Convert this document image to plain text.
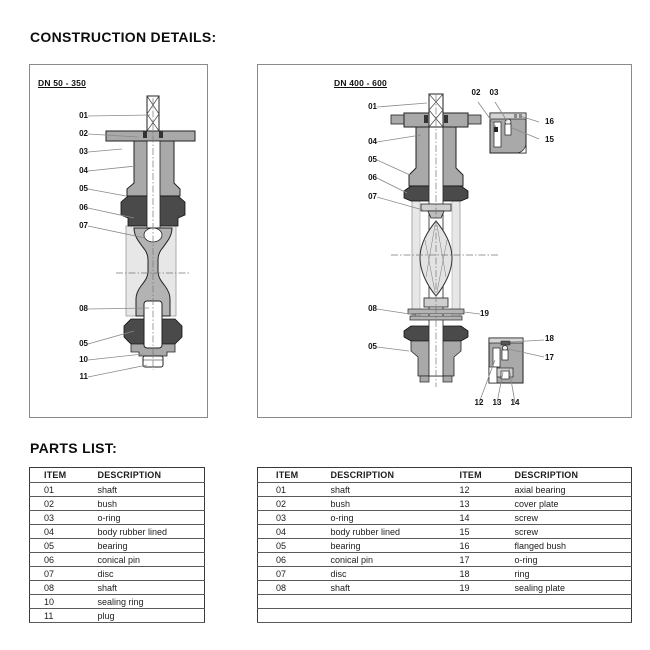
CONSTRUCTION DETAILS:
DN 50 - 350
01
02
03
04
05
06
07
08
05
10
11
DN 400 - 600
01
04
05
06
07
08
05
19
02	03
16
15
18
17
12	13	14
PARTS LIST:
ITEM	DESCRIPTION
01	shaft
02	bush
03	o-ring
04	body rubber lined
05	bearing
06	conical pin
07	disc
08	shaft
10	sealing ring
11	plug
ITEM	DESCRIPTION	ITEM	DESCRIPTION
01	shaft	12	axial bearing
02	bush	13	cover plate
03	o-ring	14	screw
04	body rubber lined	15	screw
05	bearing	16	flanged bush
06	conical pin	17	o-ring
07	disc	18	ring
08	shaft	19	sealing plate
